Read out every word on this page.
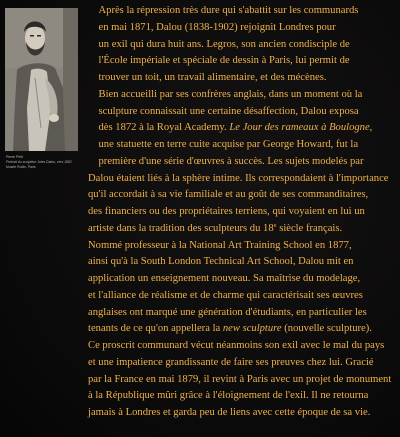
Pierre Petit
Portrait du sculpteur Jules Dalou, vers 1882
Musée Rodin, Paris
Après la répression très dure qui s'abattit sur les communards
en mai 1871, Dalou (1838-1902) rejoignit Londres pour
un exil qui dura huit ans. Legros, son ancien condisciple de
l'École impériale et spéciale de dessin à Paris, lui permit de
trouver un toit, un travail alimentaire, et des mécènes.
Bien accueilli par ses confrères anglais, dans un moment où la
sculpture connaissait une certaine désaffection, Dalou exposa
dès 1872 à la Royal Academy. Le Jour des rameaux à Boulogne,
une statuette en terre cuite acquise par George Howard, fut la
première d'une série d'œuvres à succès. Les sujets modelés par
Dalou étaient liés à la sphère intime. Ils correspondaient à l'importance
qu'il accordait à sa vie familiale et au goût de ses commanditaires,
des financiers ou des propriétaires terriens, qui voyaient en lui un
artiste dans la tradition des sculpteurs du 18e siècle français.
Nommé professeur à la National Art Training School en 1877,
ainsi qu'à la South London Technical Art School, Dalou mit en
application un enseignement nouveau. Sa maîtrise du modelage,
et l'alliance de réalisme et de charme qui caractérisait ses œuvres
anglaises ont marqué une génération d'étudiants, en particulier les
tenants de ce qu'on appellera la new sculpture (nouvelle sculpture).
Ce proscrit communard vécut néanmoins son exil avec le mal du pays
et une impatience grandissante de faire ses preuves chez lui. Gracié
par la France en mai 1879, il revint à Paris avec un projet de monument
à la République mûri grâce à l'éloignement de l'exil. Il ne retourna
jamais à Londres et garda peu de liens avec cette époque de sa vie.
